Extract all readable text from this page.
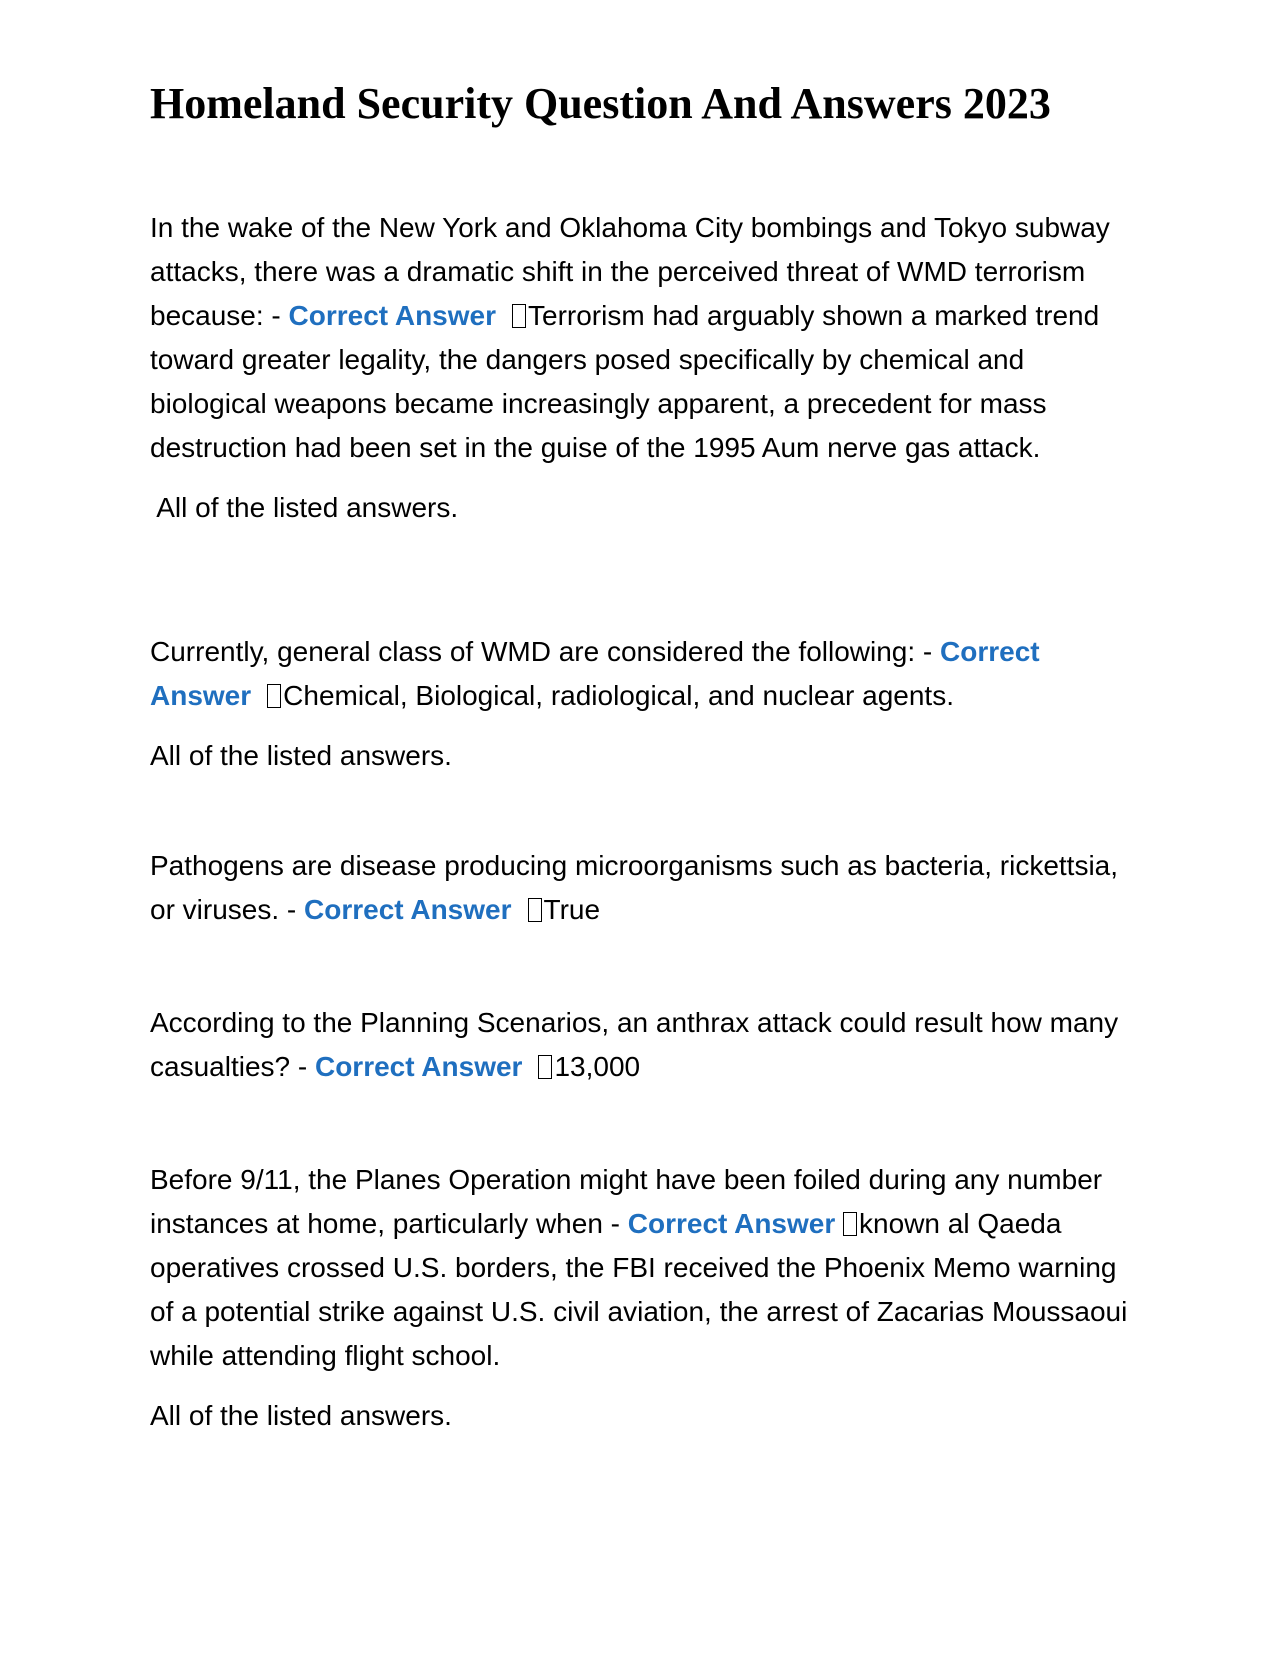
Homeland Security Question And Answers 2023

In the wake of the New York and Oklahoma City bombings and Tokyo subway attacks, there was a dramatic shift in the perceived threat of WMD terrorism because: - Correct Answer Terrorism had arguably shown a marked trend toward greater legality, the dangers posed specifically by chemical and biological weapons became increasingly apparent, a precedent for mass destruction had been set in the guise of the 1995 Aum nerve gas attack.

All of the listed answers.

Currently, general class of WMD are considered the following: - Correct Answer Chemical, Biological, radiological, and nuclear agents.

All of the listed answers.

Pathogens are disease producing microorganisms such as bacteria, rickettsia, or viruses. - Correct Answer True

According to the Planning Scenarios, an anthrax attack could result how many casualties? - Correct Answer 13,000

Before 9/11, the Planes Operation might have been foiled during any number instances at home, particularly when - Correct Answer known al Qaeda operatives crossed U.S. borders, the FBI received the Phoenix Memo warning of a potential strike against U.S. civil aviation, the arrest of Zacarias Moussaoui while attending flight school.

All of the listed answers.
